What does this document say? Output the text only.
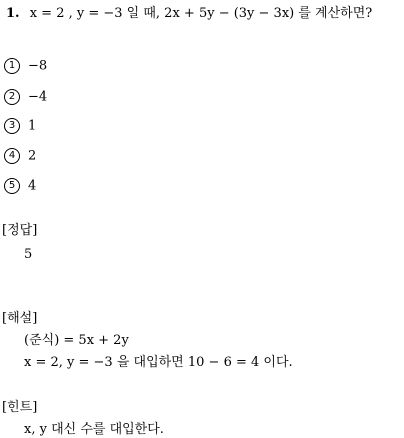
1. x = 2 , y = −3 일 때, 2x + 5y − (3y − 3x) 를 계산하면?
1 −8
2 −4
3 1
4 2
5 4
[정답]
5
[해설]
(준식) = 5x + 2y
x = 2, y = −3 을 대입하면 10 − 6 = 4 이다.
[힌트]
x, y 대신 수를 대입한다.
